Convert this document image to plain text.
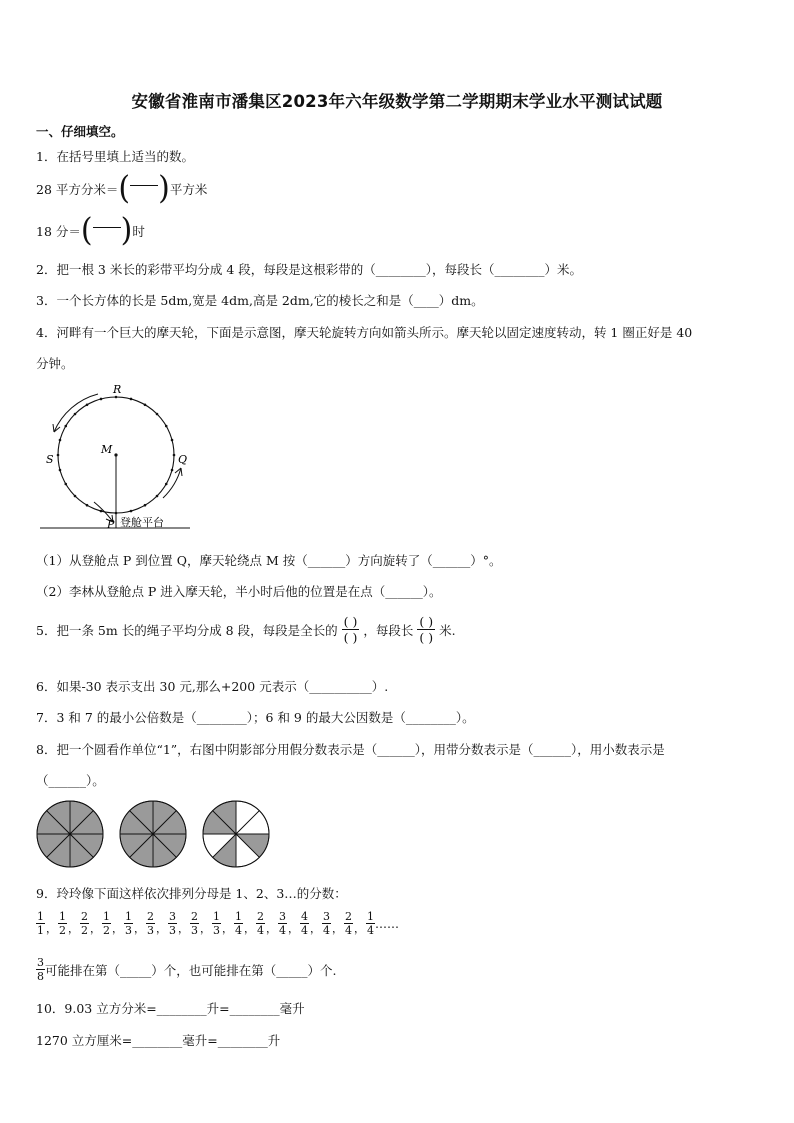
安徽省淮南市潘集区2023年六年级数学第二学期期末学业水平测试试题
一、仔细填空。
1．在括号里填上适当的数。
28 平方分米＝ ( ) 平方米
18 分＝ ( ) 时
2．把一根 3 米长的彩带平均分成 4 段，每段是这根彩带的（________），每段长（________）米。
3．一个长方体的长是 5dm,宽是 4dm,高是 2dm,它的棱长之和是（____）dm。
4．河畔有一个巨大的摩天轮，下面是示意图，摩天轮旋转方向如箭头所示。摩天轮以固定速度转动，转 1 圈正好是 40
分钟。
R
S
M
Q
P 登舱平台
（1）从登舱点 P 到位置 Q，摩天轮绕点 M 按（______）方向旋转了（______）°。
（2）李林从登舱点 P 进入摩天轮，半小时后他的位置是在点（______）。
5．把一条 5m 长的绳子平均分成 8 段，每段是全长的
( )
( ) ，每段长
( )
( ) 米.
6．如果-30 表示支出 30 元,那么+200 元表示（__________）.
7．3 和 7 的最小公倍数是（________）；6 和 9 的最大公因数是（________）。
8．把一个圆看作单位“1”，右图中阴影部分用假分数表示是（______），用带分数表示是（______），用小数表示是
（______）。
9．玲玲像下面这样依次排列分母是 1、2、3…的分数：
$\frac{1}{1}$ ， $\frac{1}{2}$ ， $\frac{2}{2}$ ， $\frac{1}{2}$ ， $\frac{1}{3}$ ， $\frac{2}{3}$ ， $\frac{3}{3}$ ， $\frac{2}{3}$ ， $\frac{1}{3}$ ， $\frac{1}{4}$ ， $\frac{2}{4}$ ， $\frac{3}{4}$ ， $\frac{4}{4}$ ， $\frac{3}{4}$ ， $\frac{2}{4}$ ， $\frac{1}{4}$ ……
$\frac{3}{8}$ 可能排在第（_____）个，也可能排在第（_____）个.
10．9.03 立方分米=________升=________毫升
1270 立方厘米=________毫升=________升
